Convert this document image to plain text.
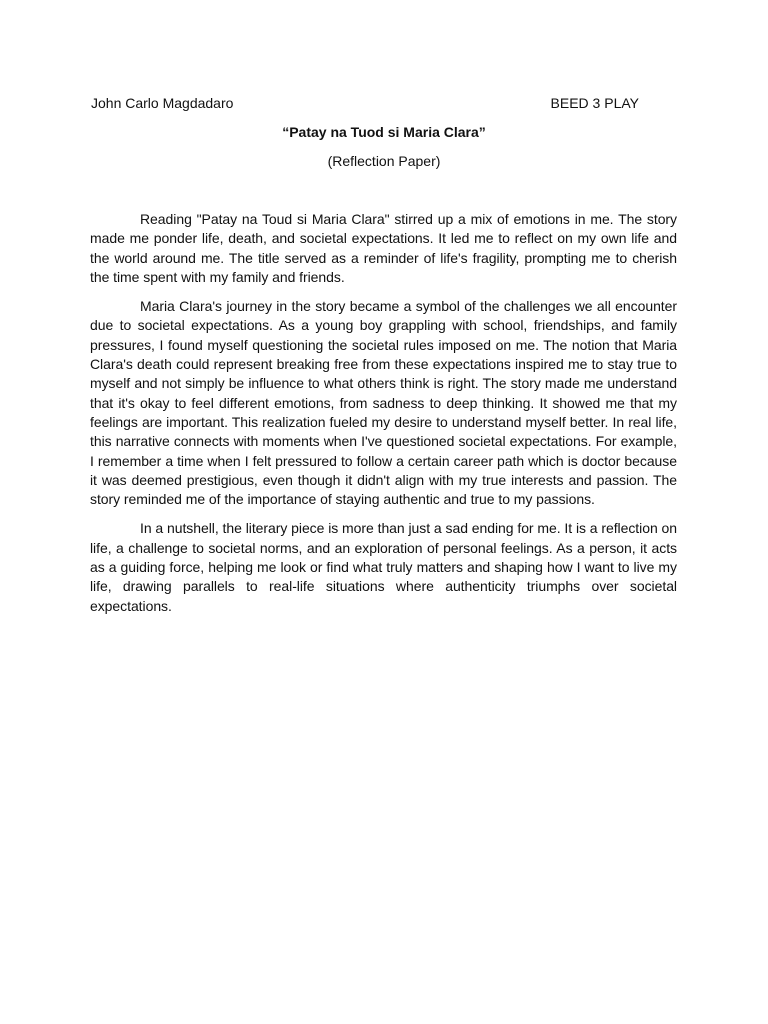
John Carlo Magdadaro	BEED 3 PLAY
“Patay na Tuod si Maria Clara”
(Reflection Paper)

Reading "Patay na Toud si Maria Clara" stirred up a mix of emotions in me. The story made me ponder life, death, and societal expectations. It led me to reflect on my own life and the world around me. The title served as a reminder of life's fragility, prompting me to cherish the time spent with my family and friends.

Maria Clara's journey in the story became a symbol of the challenges we all encounter due to societal expectations. As a young boy grappling with school, friendships, and family pressures, I found myself questioning the societal rules imposed on me. The notion that Maria Clara's death could represent breaking free from these expectations inspired me to stay true to myself and not simply be influence to what others think is right. The story made me understand that it's okay to feel different emotions, from sadness to deep thinking. It showed me that my feelings are important. This realization fueled my desire to understand myself better. In real life, this narrative connects with moments when I've questioned societal expectations. For example, I remember a time when I felt pressured to follow a certain career path which is doctor because it was deemed prestigious, even though it didn't align with my true interests and passion. The story reminded me of the importance of staying authentic and true to my passions.

In a nutshell, the literary piece is more than just a sad ending for me. It is a reflection on life, a challenge to societal norms, and an exploration of personal feelings. As a person, it acts as a guiding force, helping me look or find what truly matters and shaping how I want to live my life, drawing parallels to real-life situations where authenticity triumphs over societal expectations.
